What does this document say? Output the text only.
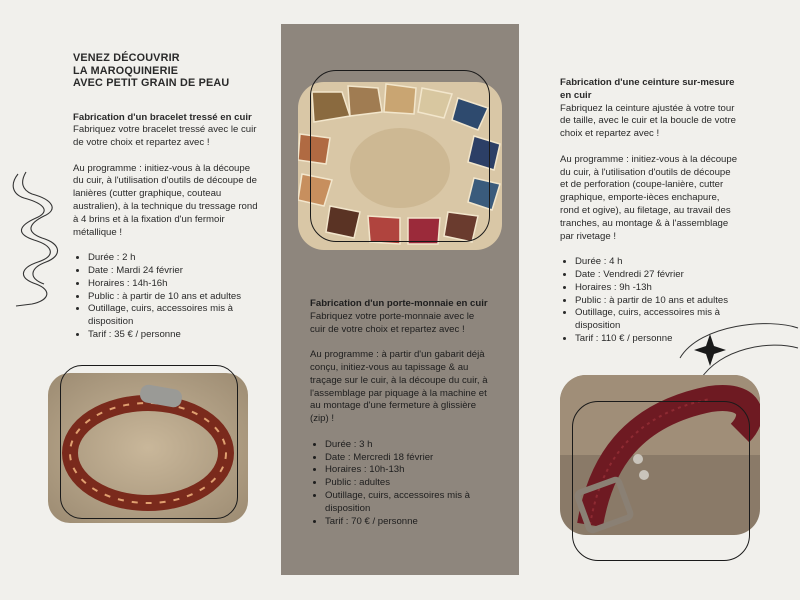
VENEZ DÉCOUVRIR
LA MAROQUINERIE
AVEC PETIT GRAIN DE PEAU

Fabrication d'un bracelet tressé en cuir

Fabriquez votre bracelet tressé avec le cuir de votre choix et repartez avec !

Au programme : initiez-vous à la découpe du cuir, à l'utilisation d'outils de découpe de lanières (cutter graphique, couteau australien), à la technique du tressage rond à 4 brins et à la fixation d'un fermoir métallique !

• Durée : 2 h
• Date : Mardi 24 février
• Horaires : 14h-16h
• Public : à partir de 10 ans et adultes
• Outillage, cuirs, accessoires mis à disposition
• Tarif : 35 € / personne

Fabrication d'un porte-monnaie en cuir

Fabriquez votre porte-monnaie avec le cuir de votre choix et repartez avec !

Au programme : à partir d'un gabarit déjà conçu, initiez-vous au tapissage & au traçage sur le cuir, à la découpe du cuir, à l'assemblage par piquage à la machine et au montage d'une fermeture à glissière (zip) !

• Durée : 3 h
• Date : Mercredi 18 février
• Horaires : 10h-13h
• Public : adultes
• Outillage, cuirs, accessoires mis à disposition
• Tarif : 70 € / personne

Fabrication d'une ceinture sur-mesure en cuir

Fabriquez la ceinture ajustée à votre tour de taille, avec le cuir et la boucle de votre choix et repartez avec !

Au programme : initiez-vous à la découpe du cuir, à l'utilisation d'outils de découpe et de perforation (coupe-lanière, cutter graphique, emporte-ièces enchapure, rond et ogive), au filetage, au travail des tranches, au montage & à l'assemblage par rivetage !

• Durée : 4 h
• Date : Vendredi 27 février
• Horaires : 9h -13h
• Public : à partir de 10 ans et adultes
• Outillage, cuirs, accessoires mis à disposition
• Tarif : 110 € / personne
